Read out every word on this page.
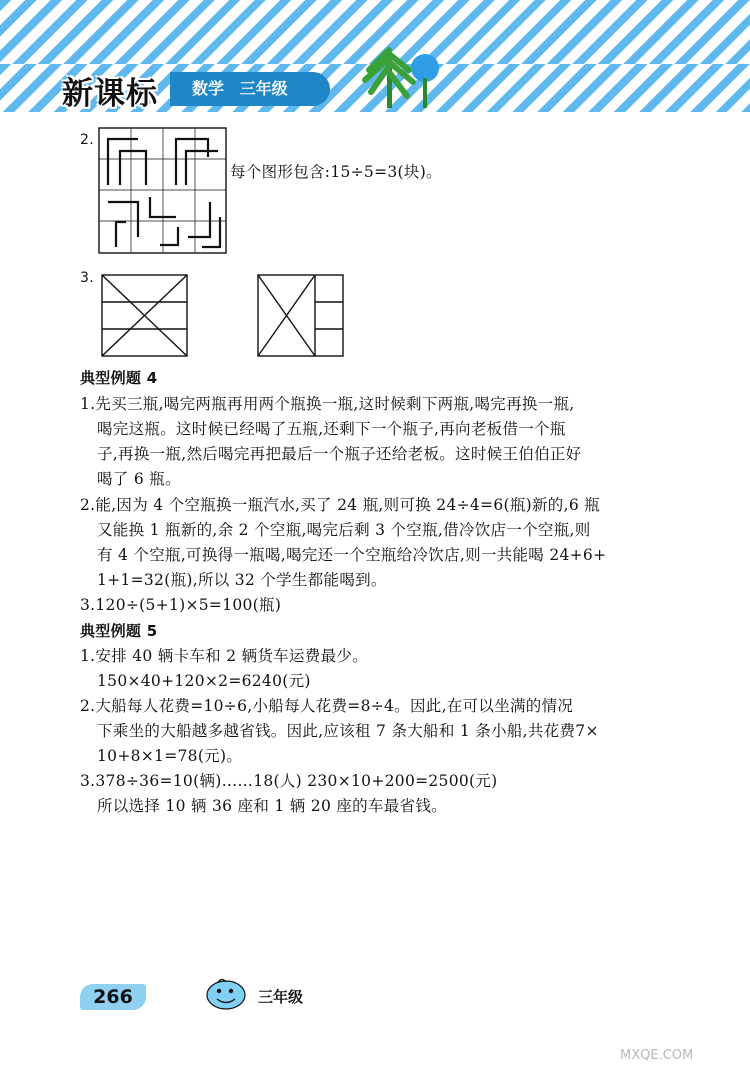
新课标	数学 三年级
2.
每个图形包含:15÷5=3(块)。
3.
典型例题 4
1.先买三瓶,喝完两瓶再用两个瓶换一瓶,这时候剩下两瓶,喝完再换一瓶,
喝完这瓶。这时候已经喝了五瓶,还剩下一个瓶子,再向老板借一个瓶
子,再换一瓶,然后喝完再把最后一个瓶子还给老板。这时候王伯伯正好
喝了 6 瓶。
2.能,因为 4 个空瓶换一瓶汽水,买了 24 瓶,则可换 24÷4=6(瓶)新的,6 瓶
又能换 1 瓶新的,余 2 个空瓶,喝完后剩 3 个空瓶,借冷饮店一个空瓶,则
有 4 个空瓶,可换得一瓶喝,喝完还一个空瓶给冷饮店,则一共能喝 24+6+
1+1=32(瓶),所以 32 个学生都能喝到。
3.120÷(5+1)×5=100(瓶)
典型例题 5
1.安排 40 辆卡车和 2 辆货车运费最少。
150×40+120×2=6240(元)
2.大船每人花费=10÷6,小船每人花费=8÷4。因此,在可以坐满的情况
下乘坐的大船越多越省钱。因此,应该租 7 条大船和 1 条小船,共花费7×
10+8×1=78(元)。
3.378÷36=10(辆)……18(人) 230×10+200=2500(元)
所以选择 10 辆 36 座和 1 辆 20 座的车最省钱。
266	三年级
MXQE.COM
